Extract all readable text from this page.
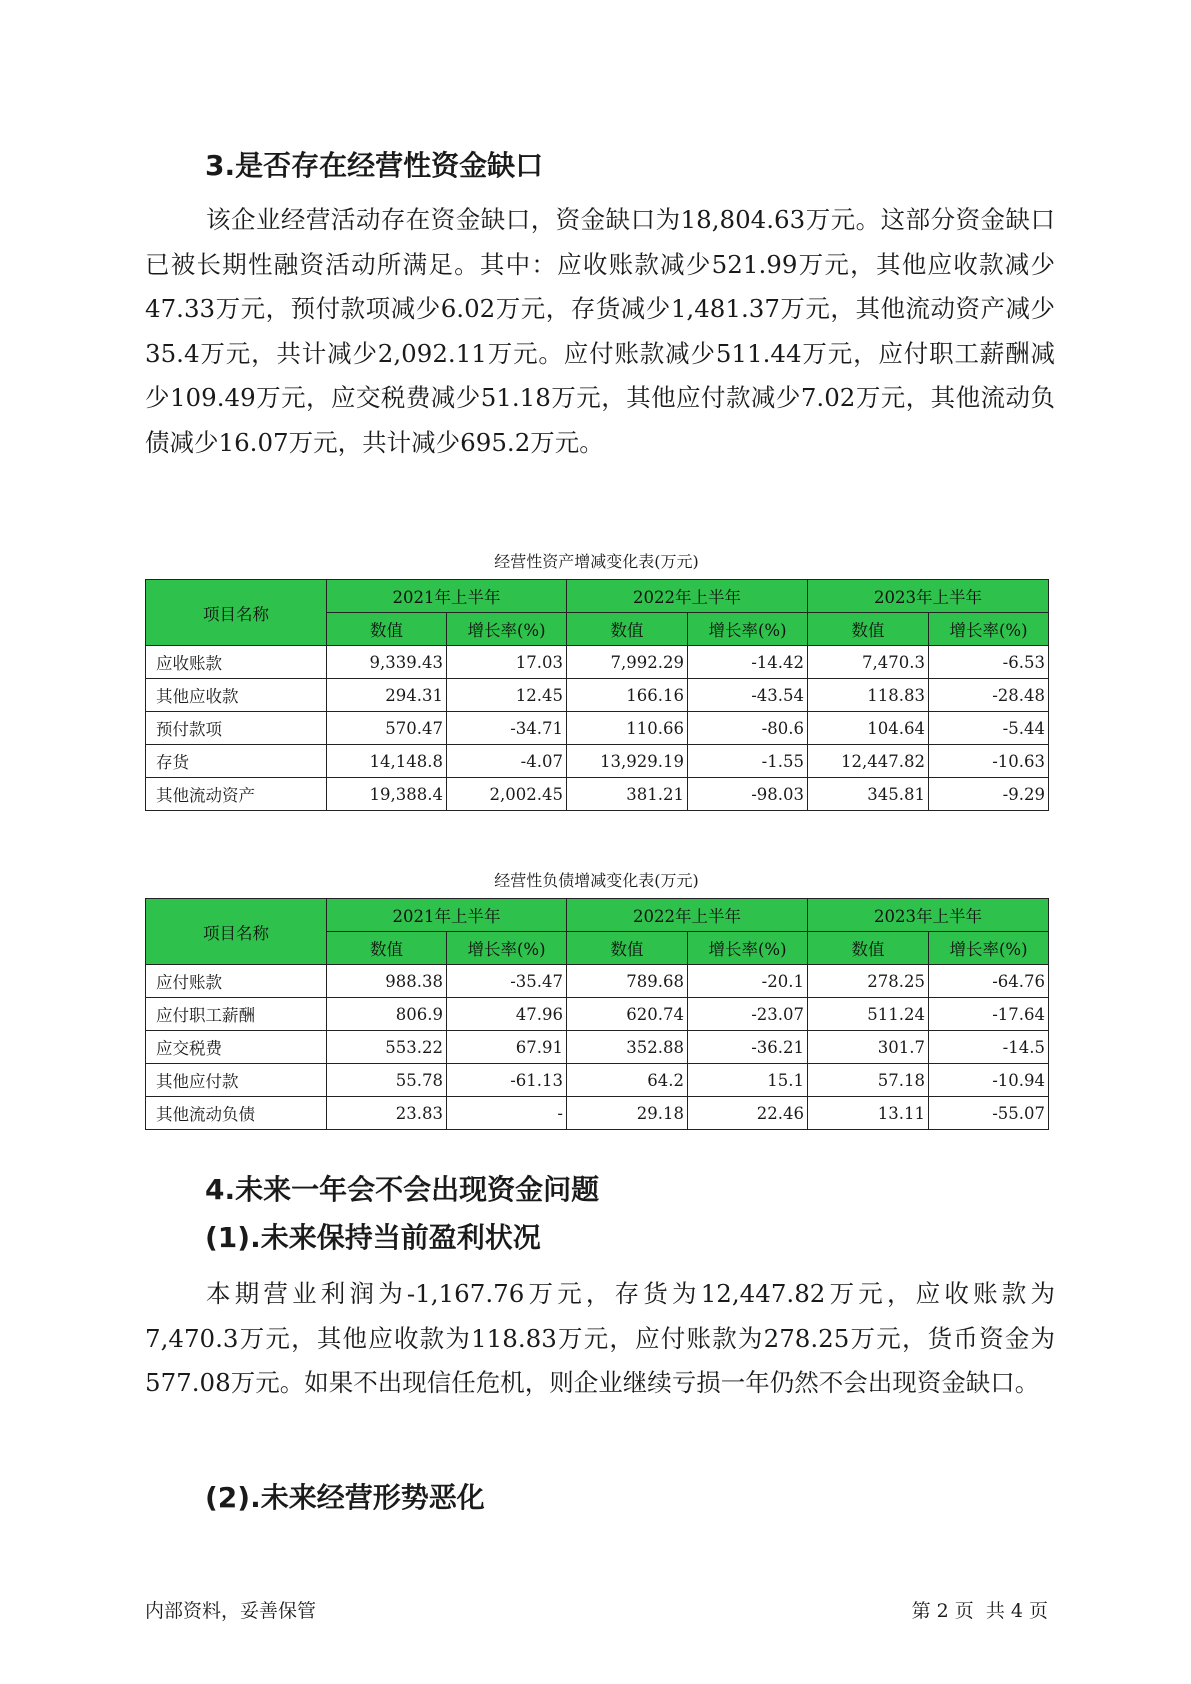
3.是否存在经营性资金缺口

该企业经营活动存在资金缺口，资金缺口为18,804.63万元。这部分资金缺口已被长期性融资活动所满足。其中：应收账款减少521.99万元，其他应收款减少47.33万元，预付款项减少6.02万元，存货减少1,481.37万元，其他流动资产减少35.4万元，共计减少2,092.11万元。应付账款减少511.44万元，应付职工薪酬减少109.49万元，应交税费减少51.18万元，其他应付款减少7.02万元，其他流动负债减少16.07万元，共计减少695.2万元。

经营性资产增减变化表(万元)
项目名称	2021年上半年		2022年上半年		2023年上半年	
	数值	增长率(%)	数值	增长率(%)	数值	增长率(%)
应收账款	9,339.43	17.03	7,992.29	-14.42	7,470.3	-6.53
其他应收款	294.31	12.45	166.16	-43.54	118.83	-28.48
预付款项	570.47	-34.71	110.66	-80.6	104.64	-5.44
存货	14,148.8	-4.07	13,929.19	-1.55	12,447.82	-10.63
其他流动资产	19,388.4	2,002.45	381.21	-98.03	345.81	-9.29
经营性负债增减变化表(万元)
项目名称	2021年上半年		2022年上半年		2023年上半年	
	数值	增长率(%)	数值	增长率(%)	数值	增长率(%)
应付账款	988.38	-35.47	789.68	-20.1	278.25	-64.76
应付职工薪酬	806.9	47.96	620.74	-23.07	511.24	-17.64
应交税费	553.22	67.91	352.88	-36.21	301.7	-14.5
其他应付款	55.78	-61.13	64.2	15.1	57.18	-10.94
其他流动负债	23.83	-	29.18	22.46	13.11	-55.07
4.未来一年会不会出现资金问题
(1).未来保持当前盈利状况

本期营业利润为-1,167.76万元，存货为12,447.82万元，应收账款为7,470.3万元，其他应收款为118.83万元，应付账款为278.25万元，货币资金为577.08万元。如果不出现信任危机，则企业继续亏损一年仍然不会出现资金缺口。

(2).未来经营形势恶化
内部资料，妥善保管	第 2 页  共 4 页
